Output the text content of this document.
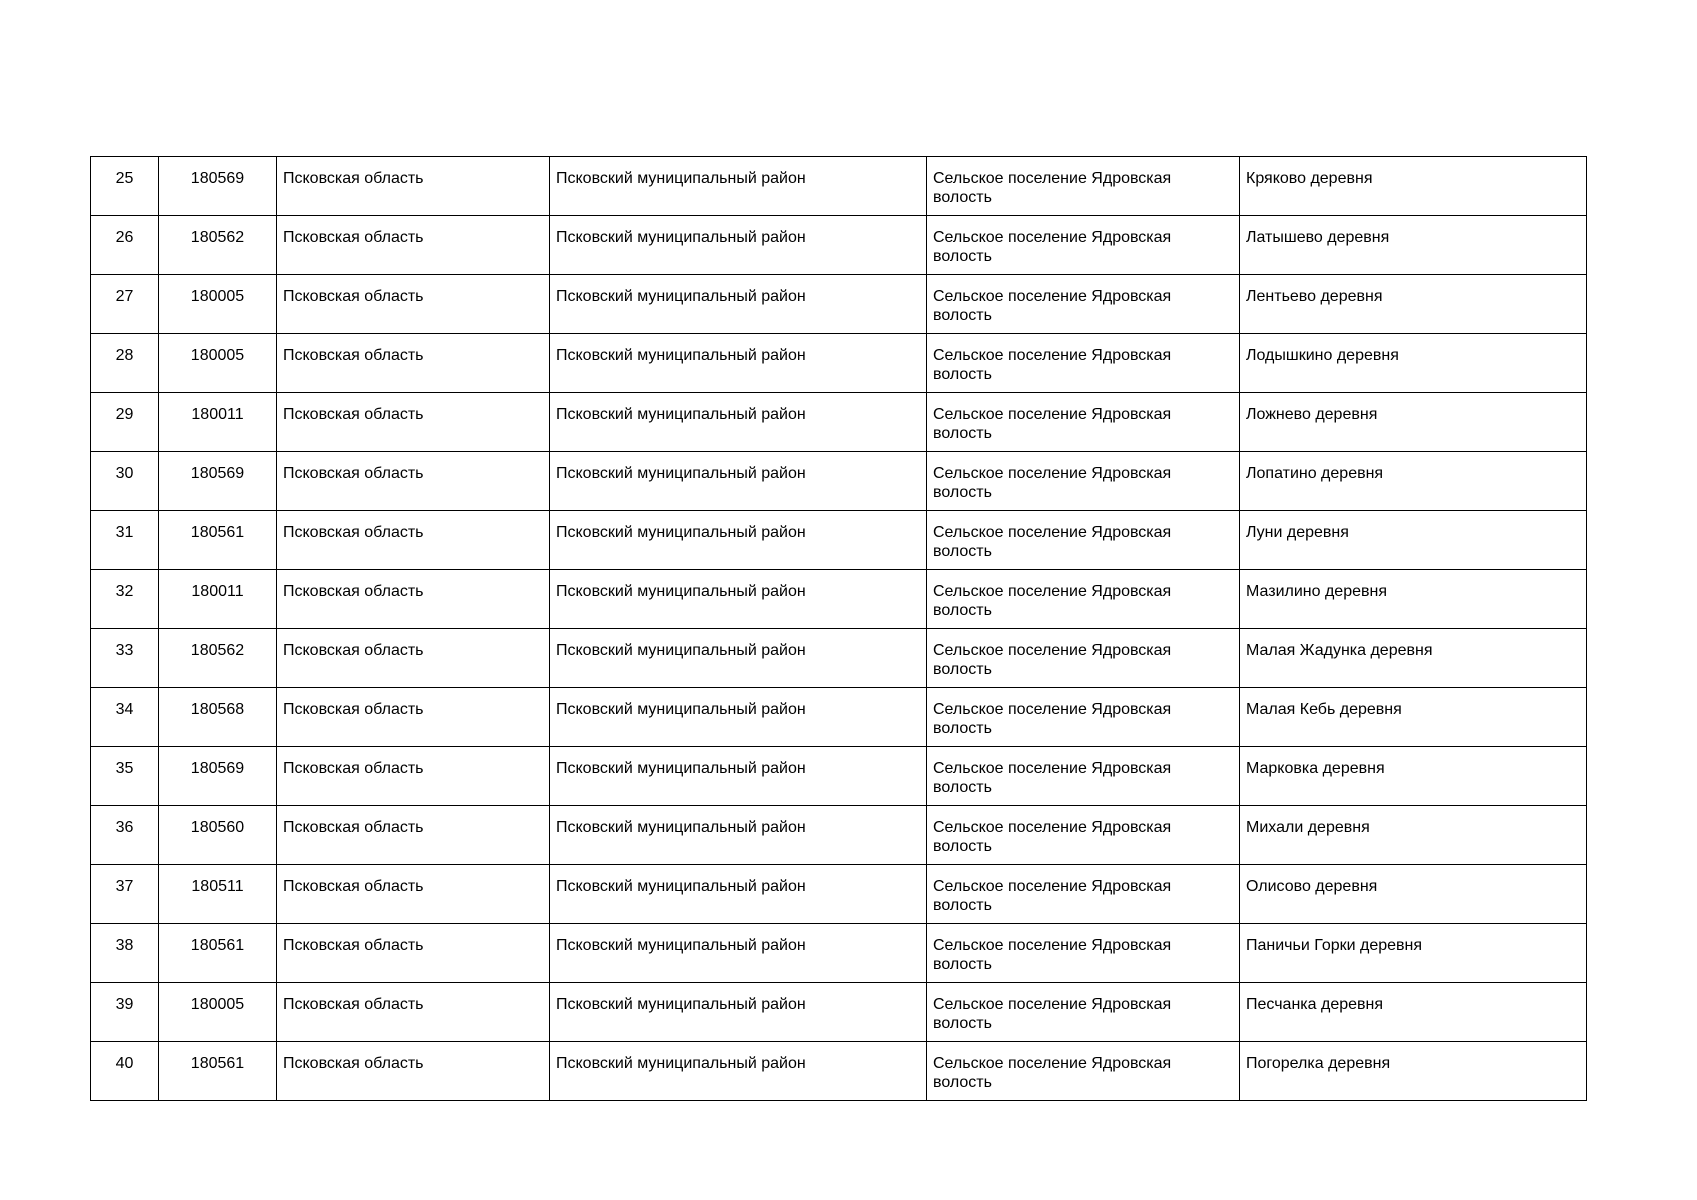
25	180569	Псковская область	Псковский муниципальный район	Сельское поселение Ядровская волость	Кряково деревня

26	180562	Псковская область	Псковский муниципальный район	Сельское поселение Ядровская волость	Латышево деревня

27	180005	Псковская область	Псковский муниципальный район	Сельское поселение Ядровская волость	Лентьево деревня

28	180005	Псковская область	Псковский муниципальный район	Сельское поселение Ядровская волость	Лодышкино деревня

29	180011	Псковская область	Псковский муниципальный район	Сельское поселение Ядровская волость	Ложнево деревня

30	180569	Псковская область	Псковский муниципальный район	Сельское поселение Ядровская волость	Лопатино деревня

31	180561	Псковская область	Псковский муниципальный район	Сельское поселение Ядровская волость	Луни деревня

32	180011	Псковская область	Псковский муниципальный район	Сельское поселение Ядровская волость	Мазилино деревня

33	180562	Псковская область	Псковский муниципальный район	Сельское поселение Ядровская волость	Малая Жадунка деревня

34	180568	Псковская область	Псковский муниципальный район	Сельское поселение Ядровская волость	Малая Кебь деревня

35	180569	Псковская область	Псковский муниципальный район	Сельское поселение Ядровская волость	Марковка деревня

36	180560	Псковская область	Псковский муниципальный район	Сельское поселение Ядровская волость	Михали деревня

37	180511	Псковская область	Псковский муниципальный район	Сельское поселение Ядровская волость	Олисово деревня

38	180561	Псковская область	Псковский муниципальный район	Сельское поселение Ядровская волость	Паничьи Горки деревня

39	180005	Псковская область	Псковский муниципальный район	Сельское поселение Ядровская волость	Песчанка деревня

40	180561	Псковская область	Псковский муниципальный район	Сельское поселение Ядровская волость	Погорелка деревня
